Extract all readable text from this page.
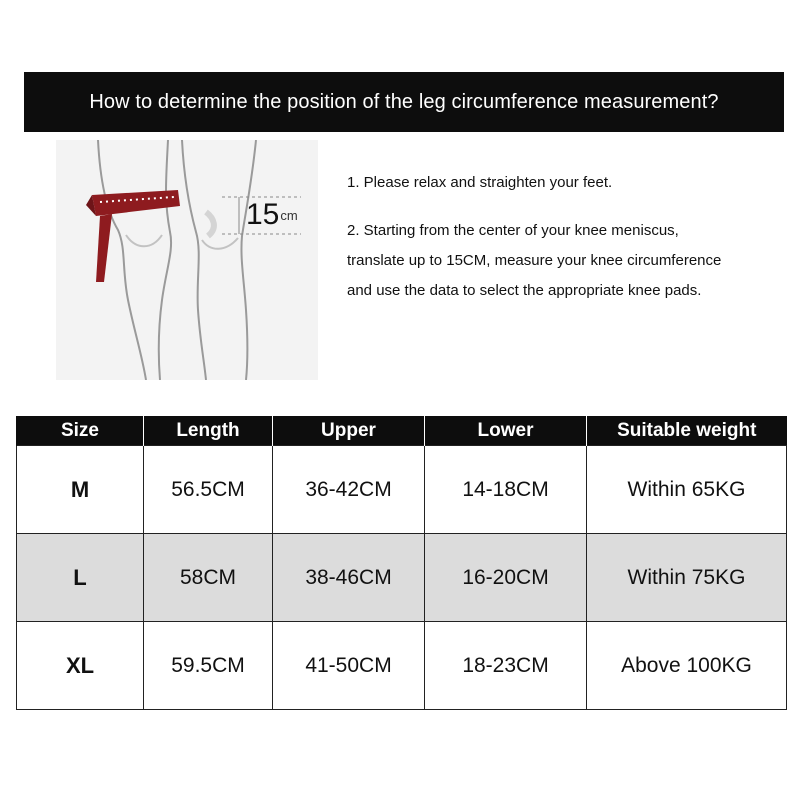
How to determine the position of the leg circumference measurement?
15cm
1. Please relax and straighten your feet.
2. Starting from the center of your knee meniscus,
translate up to 15CM, measure your knee circumference
and use the data to select the appropriate knee pads.
Size	Length	Upper	Lower	Suitable weight
M	56.5CM	36-42CM	14-18CM	Within 65KG
L	58CM	38-46CM	16-20CM	Within 75KG
XL	59.5CM	41-50CM	18-23CM	Above 100KG
